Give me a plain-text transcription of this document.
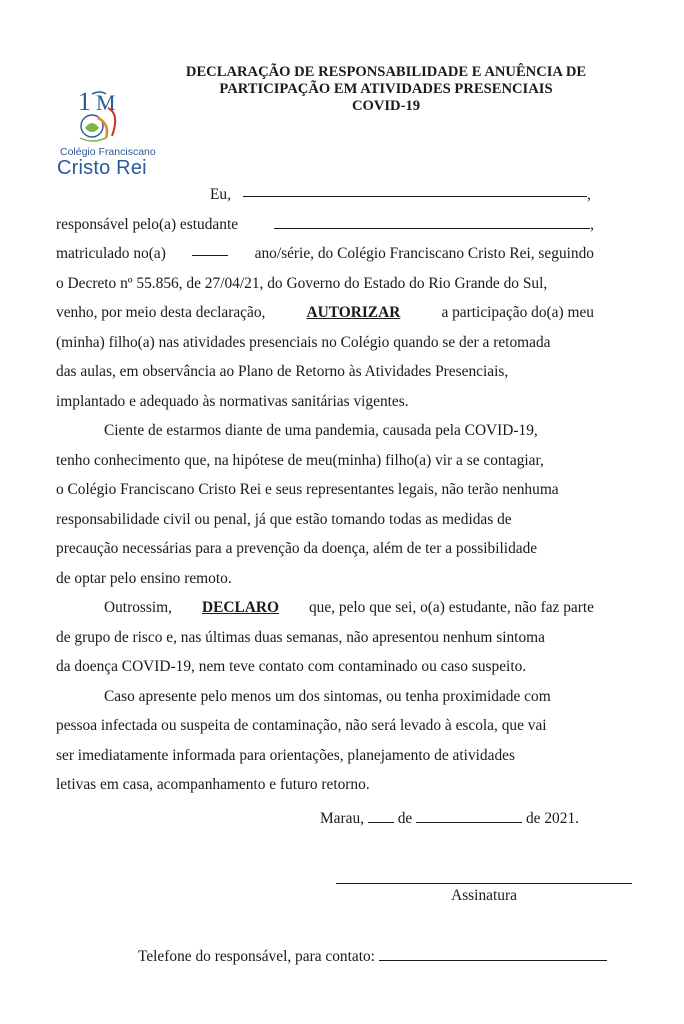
1 M
Colégio Franciscano
Cristo Rei
DECLARAÇÃO DE RESPONSABILIDADE E ANUÊNCIA DE
PARTICIPAÇÃO EM ATIVIDADES PRESENCIAIS
COVID-19
Eu,	,
responsável pelo(a) estudante	,
matriculado no(a)	ano/série, do Colégio Franciscano Cristo Rei, seguindo
o Decreto nº 55.856, de 27/04/21, do Governo do Estado do Rio Grande do Sul,
venho, por meio desta declaração,	AUTORIZAR	a participação do(a) meu
(minha) filho(a) nas atividades presenciais no Colégio quando se der a retomada
das aulas, em observância ao Plano de Retorno às Atividades Presenciais,
implantado e adequado às normativas sanitárias vigentes.
Ciente de estarmos diante de uma pandemia, causada pela COVID-19,
tenho conhecimento que, na hipótese de meu(minha) filho(a) vir a se contagiar,
o Colégio Franciscano Cristo Rei e seus representantes legais, não terão nenhuma
responsabilidade civil ou penal, já que estão tomando todas as medidas de
precaução necessárias para a prevenção da doença, além de ter a possibilidade
de optar pelo ensino remoto.
Outrossim, DECLARO que, pelo que sei, o(a) estudante, não faz parte
de grupo de risco e, nas últimas duas semanas, não apresentou nenhum sintoma
da doença COVID-19, nem teve contato com contaminado ou caso suspeito.
Caso apresente pelo menos um dos sintomas, ou tenha proximidade com
pessoa infectada ou suspeita de contaminação, não será levado à escola, que vai
ser imediatamente informada para orientações, planejamento de atividades
letivas em casa, acompanhamento e futuro retorno.
Marau, de	de 2021.
Assinatura
Telefone do responsável, para contato:
